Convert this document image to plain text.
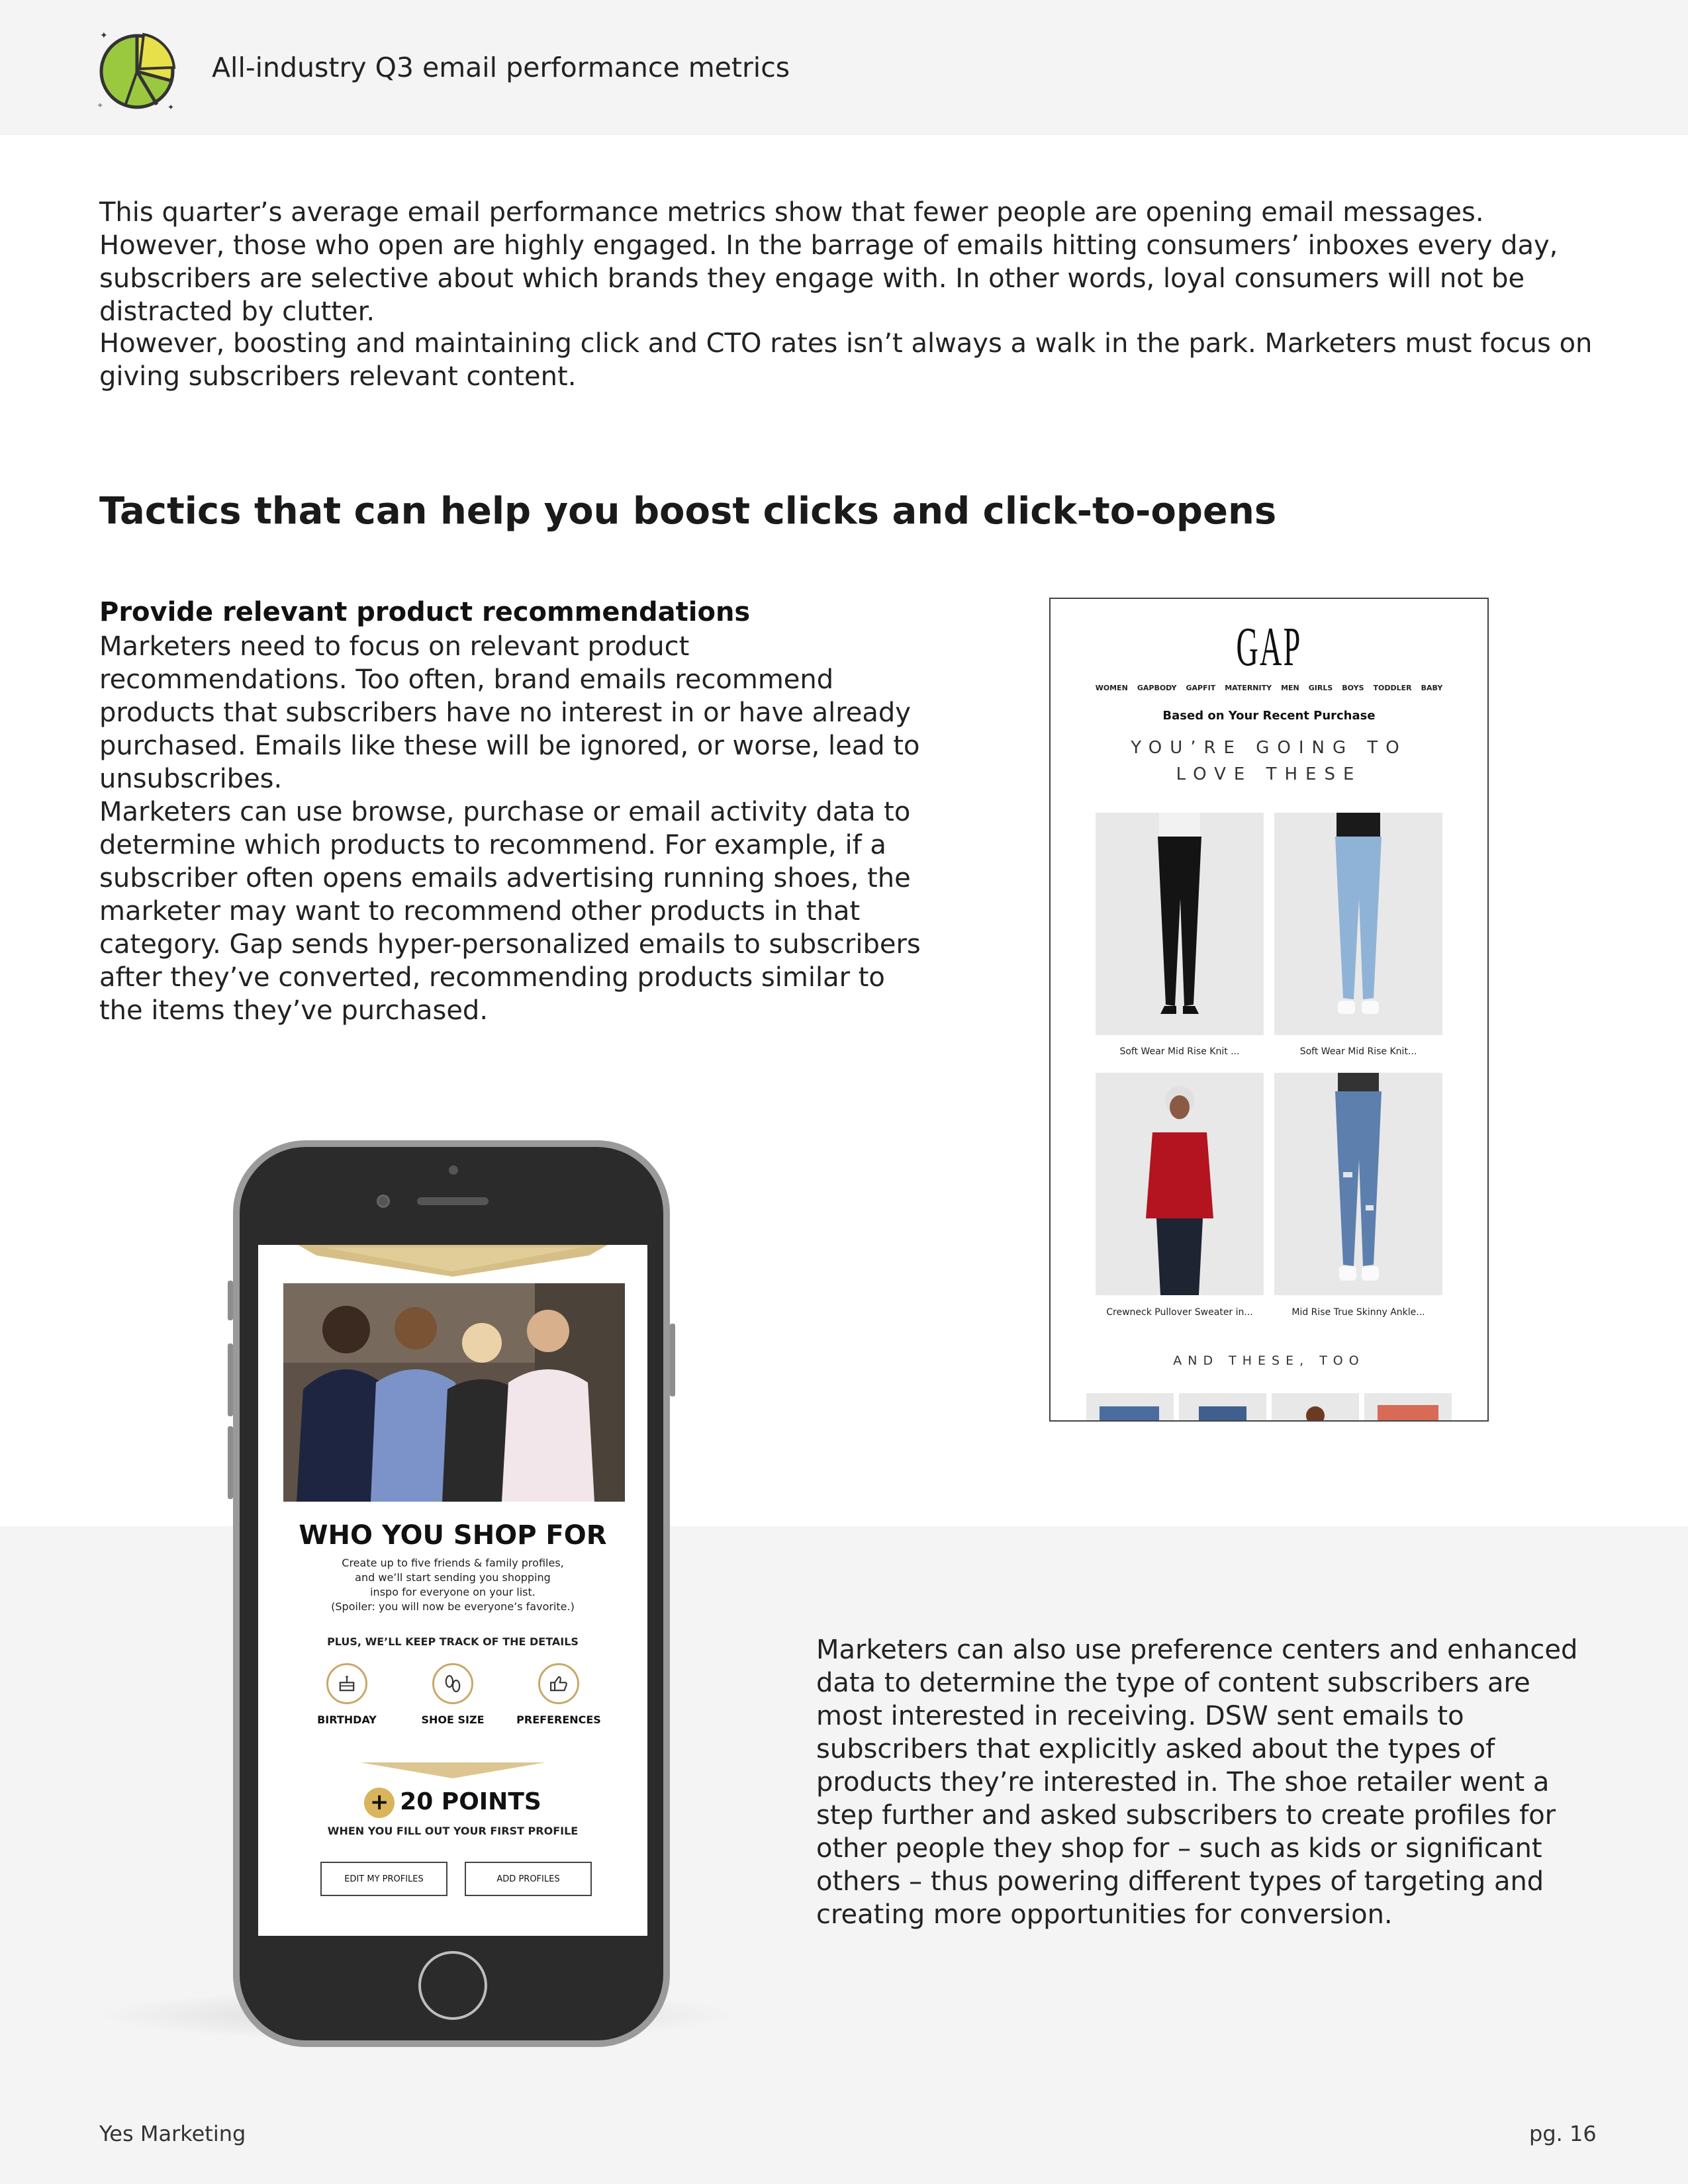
✦
✦
+
All-industry Q3 email performance metrics

This quarter’s average email performance metrics show that fewer people are opening email messages. However, those who open are highly engaged. In the barrage of emails hitting consumers’ inboxes every day, subscribers are selective about which brands they engage with. In other words, loyal consumers will not be distracted by clutter.

However, boosting and maintaining click and CTO rates isn’t always a walk in the park. Marketers must focus on giving subscribers relevant content.

Tactics that can help you boost clicks and click-to-opens
Provide relevant product recommendations

Marketers need to focus on relevant product recommendations. Too often, brand emails recommend products that subscribers have no interest in or have already purchased. Emails like these will be ignored, or worse, lead to unsubscribes.

Marketers can use browse, purchase or email activity data to determine which products to recommend. For example, if a subscriber often opens emails advertising running shoes, the marketer may want to recommend other products in that category. Gap sends hyper-personalized emails to subscribers after they’ve converted, recommending products similar to the items they’ve purchased.

GAP
WOMEN GAPBODY GAPFIT MATERNITY MEN GIRLS BOYS TODDLER BABY
Based on Your Recent Purchase
YOU’RE GOING TO
LOVE THESE
Soft Wear Mid Rise Knit ...	Soft Wear Mid Rise Knit...
Crewneck Pullover Sweater in...	Mid Rise True Skinny Ankle...
AND THESE, TOO

Marketers can also use preference centers and enhanced data to determine the type of content subscribers are most interested in receiving. DSW sent emails to subscribers that explicitly asked about the types of products they’re interested in. The shoe retailer went a step further and asked subscribers to create profiles for other people they shop for – such as kids or significant others – thus powering different types of targeting and creating more opportunities for conversion.

WHO YOU SHOP FOR
Create up to five friends & family profiles,
and we’ll start sending you shopping
inspo for everyone on your list.
(Spoiler: you will now be everyone’s favorite.)
PLUS, WE’LL KEEP TRACK OF THE DETAILS
BIRTHDAY	SHOE SIZE	PREFERENCES
+ 20 POINTS
WHEN YOU FILL OUT YOUR FIRST PROFILE
EDIT MY PROFILES	ADD PROFILES
Yes Marketing	pg. 16
